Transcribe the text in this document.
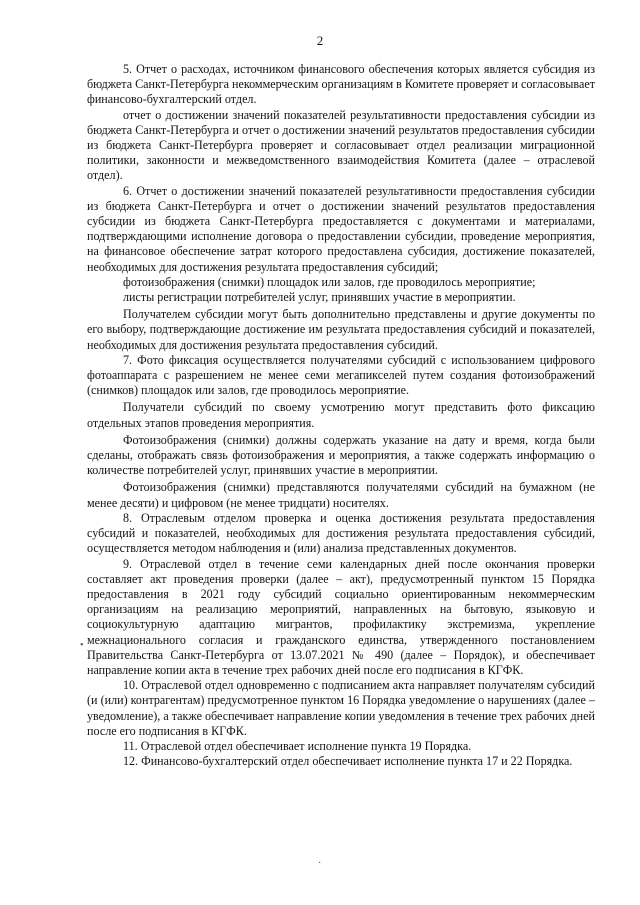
2

5. Отчет о расходах, источником финансового обеспечения которых является субсидия из бюджета Санкт-Петербурга некоммерческим организациям в Комитете проверяет и согласовывает финансово-бухгалтерский отдел.

отчет о достижении значений показателей результативности предоставления субсидии из бюджета Санкт-Петербурга и отчет о достижении значений результатов предоставления субсидии из бюджета Санкт-Петербурга проверяет и согласовывает отдел реализации миграционной политики, законности и межведомственного взаимодействия Комитета (далее – отраслевой отдел).

6. Отчет о достижении значений показателей результативности предоставления субсидии из бюджета Санкт-Петербурга и отчет о достижении значений результатов предоставления субсидии из бюджета Санкт-Петербурга предоставляется с документами и материалами, подтверждающими исполнение договора о предоставлении субсидии, проведение мероприятия, на финансовое обеспечение затрат которого предоставлена субсидия, достижение показателей, необходимых для достижения результата предоставления субсидий;

фотоизображения (снимки) площадок или залов, где проводилось мероприятие;

листы регистрации потребителей услуг, принявших участие в мероприятии.

Получателем субсидии могут быть дополнительно представлены и другие документы по его выбору, подтверждающие достижение им результата предоставления субсидий и показателей, необходимых для достижения результата предоставления субсидий.

7. Фото фиксация осуществляется получателями субсидий с использованием цифрового фотоаппарата с разрешением не менее семи мегапикселей путем создания фотоизображений (снимков) площадок или залов, где проводилось мероприятие.

Получатели субсидий по своему усмотрению могут представить фото фиксацию отдельных этапов проведения мероприятия.

Фотоизображения (снимки) должны содержать указание на дату и время, когда были сделаны, отображать связь фотоизображения и мероприятия, а также содержать информацию о количестве потребителей услуг, принявших участие в мероприятии.

Фотоизображения (снимки) представляются получателями субсидий на бумажном (не менее десяти) и цифровом (не менее тридцати) носителях.

8. Отраслевым отделом проверка и оценка достижения результата предоставления субсидий и показателей, необходимых для достижения результата предоставления субсидий, осуществляется методом наблюдения и (или) анализа представленных документов.

9. Отраслевой отдел в течение семи календарных дней после окончания проверки составляет акт проведения проверки (далее – акт), предусмотренный пунктом 15 Порядка предоставления в 2021 году субсидий социально ориентированным некоммерческим организациям на реализацию мероприятий, направленных на бытовую, языковую и социокультурную адаптацию мигрантов, профилактику экстремизма, укрепление межнационального согласия и гражданского единства, утвержденного постановлением Правительства Санкт-Петербурга от 13.07.2021 № 490 (далее – Порядок), и обеспечивает направление копии акта в течение трех рабочих дней после его подписания в КГФК.

10. Отраслевой отдел одновременно с подписанием акта направляет получателям субсидий (и (или) контрагентам) предусмотренное пунктом 16 Порядка уведомление о нарушениях (далее – уведомление), а также обеспечивает направление копии уведомления в течение трех рабочих дней после его подписания в КГФК.

11. Отраслевой отдел обеспечивает исполнение пункта 19 Порядка.

12. Финансово-бухгалтерский отдел обеспечивает исполнение пункта 17 и 22 Порядка.

•
·
